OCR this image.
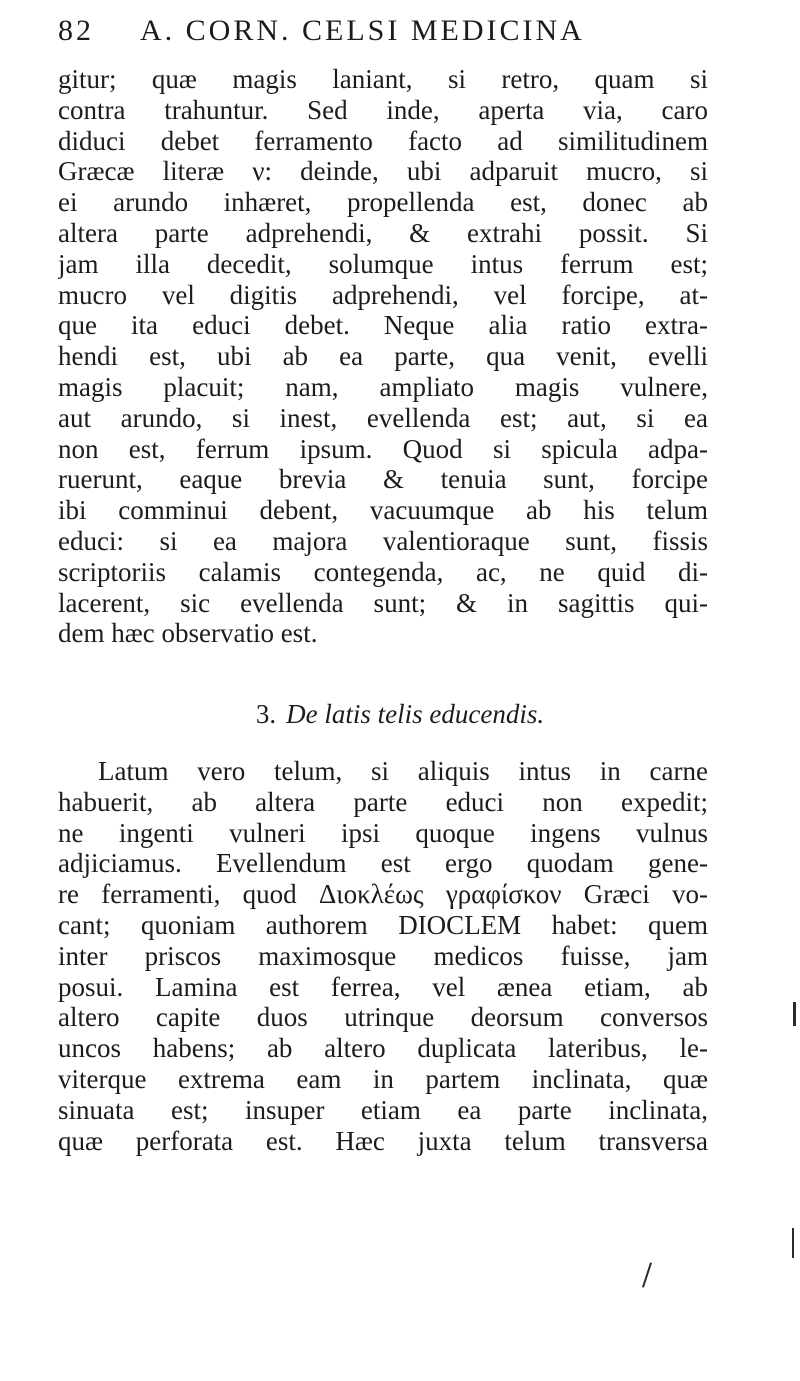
82 A. CORN. CELSI MEDICINA
gitur; quæ magis laniant, si retro, quam si
contra trahuntur. Sed inde, aperta via, caro
diduci debet ferramento facto ad similitudinem
Græcæ literæ ν: deinde, ubi adparuit mucro, si
ei arundo inhæret, propellenda est, donec ab
altera parte adprehendi, & extrahi possit. Si
jam illa decedit, solumque intus ferrum est;
mucro vel digitis adprehendi, vel forcipe, at-
que ita educi debet. Neque alia ratio extra-
hendi est, ubi ab ea parte, qua venit, evelli
magis placuit; nam, ampliato magis vulnere,
aut arundo, si inest, evellenda est; aut, si ea
non est, ferrum ipsum. Quod si spicula adpa-
ruerunt, eaque brevia & tenuia sunt, forcipe
ibi comminui debent, vacuumque ab his telum
educi: si ea majora valentioraque sunt, fissis
scriptoriis calamis contegenda, ac, ne quid di-
lacerent, sic evellenda sunt; & in sagittis qui-
dem hæc observatio est.
3. De latis telis educendis.
Latum vero telum, si aliquis intus in carne
habuerit, ab altera parte educi non expedit;
ne ingenti vulneri ipsi quoque ingens vulnus
adjiciamus. Evellendum est ergo quodam gene-
re ferramenti, quod Διοκλέως γραφίσκον Græci vo-
cant; quoniam authorem DIOCLEM habet: quem
inter priscos maximosque medicos fuisse, jam
posui. Lamina est ferrea, vel ænea etiam, ab
altero capite duos utrinque deorsum conversos
uncos habens; ab altero duplicata lateribus, le-
viterque extrema eam in partem inclinata, quæ
sinuata est; insuper etiam ea parte inclinata,
quæ perforata est. Hæc juxta telum transversa
